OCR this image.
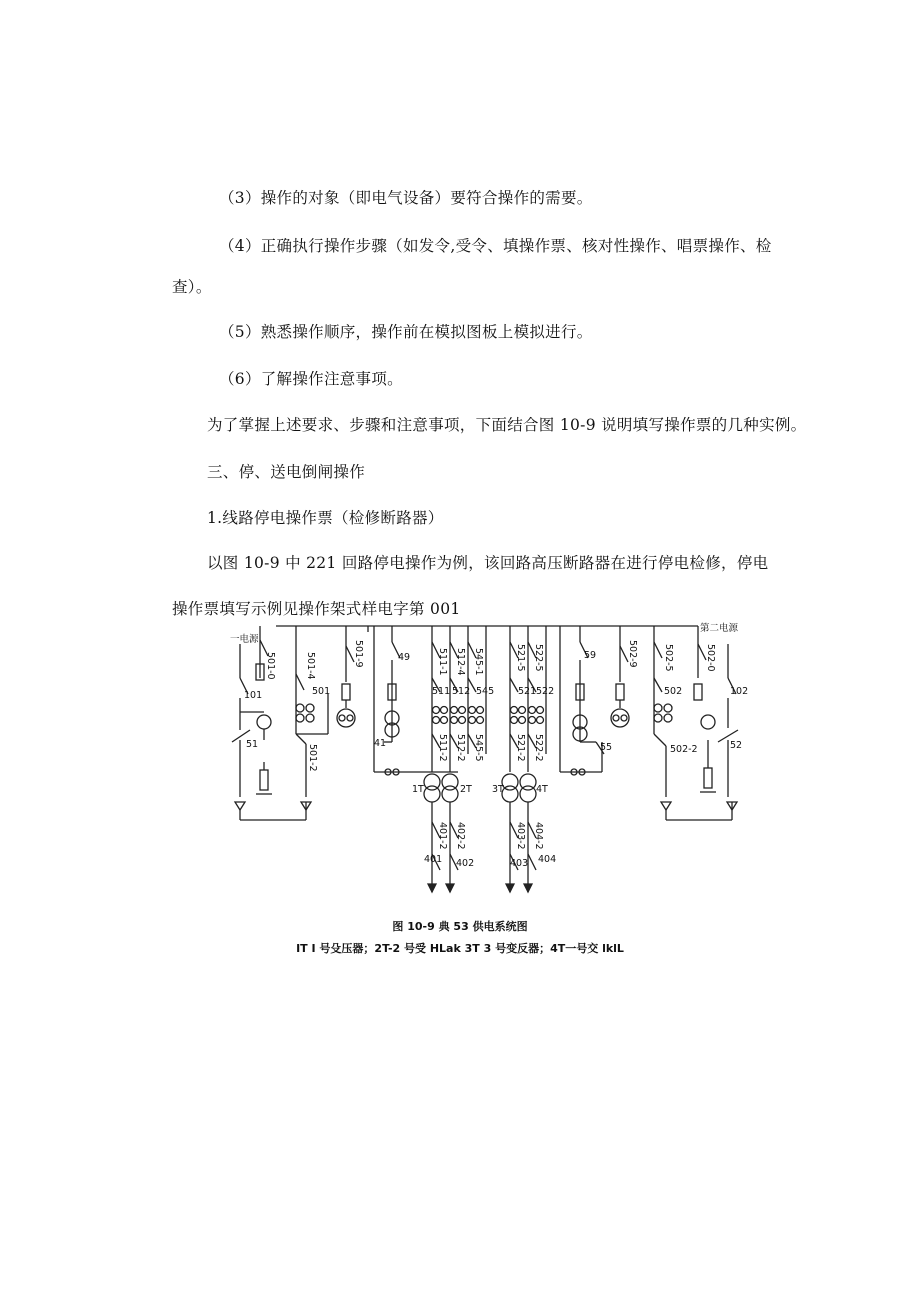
（3）操作的对象（即电气设备）要符合操作的需要。
（4）正确执行操作步骤（如发令,受令、填操作票、核对性操作、唱票操作、检
查）。
（5）熟悉操作顺序，操作前在模拟图板上模拟进行。
（6）了解操作注意事项。
为了掌握上述要求、步骤和注意事项，下面结合图 10-9 说明填写操作票的几种实例。
三、停、送电倒闸操作
1.线路停电操作票（检修断路器）
以图 10-9 中 221 回路停电操作为例，该回路高压断路器在进行停电检修，停电
操作票填写示例见操作架式样电字第 001
一电源
第二电源
101
51
501-0	501-4
501
501-2
501-9	49
41
511-1 512-4 545-1
511 512 545
511-2 512-2 545-5
1T	2T
401-2 402-2
401 402
521-5 522-5
521 522
521-2 522-2
3T	4T
403-2 404-2
403 404
59
55
502-9	502-5
502
502-2
502-0
102
52
图 10-9 典 53 供电系统图
IT I 号殳压器；2T-2 号受 HLak 3T 3 号变反器；4T一号交 lklL
